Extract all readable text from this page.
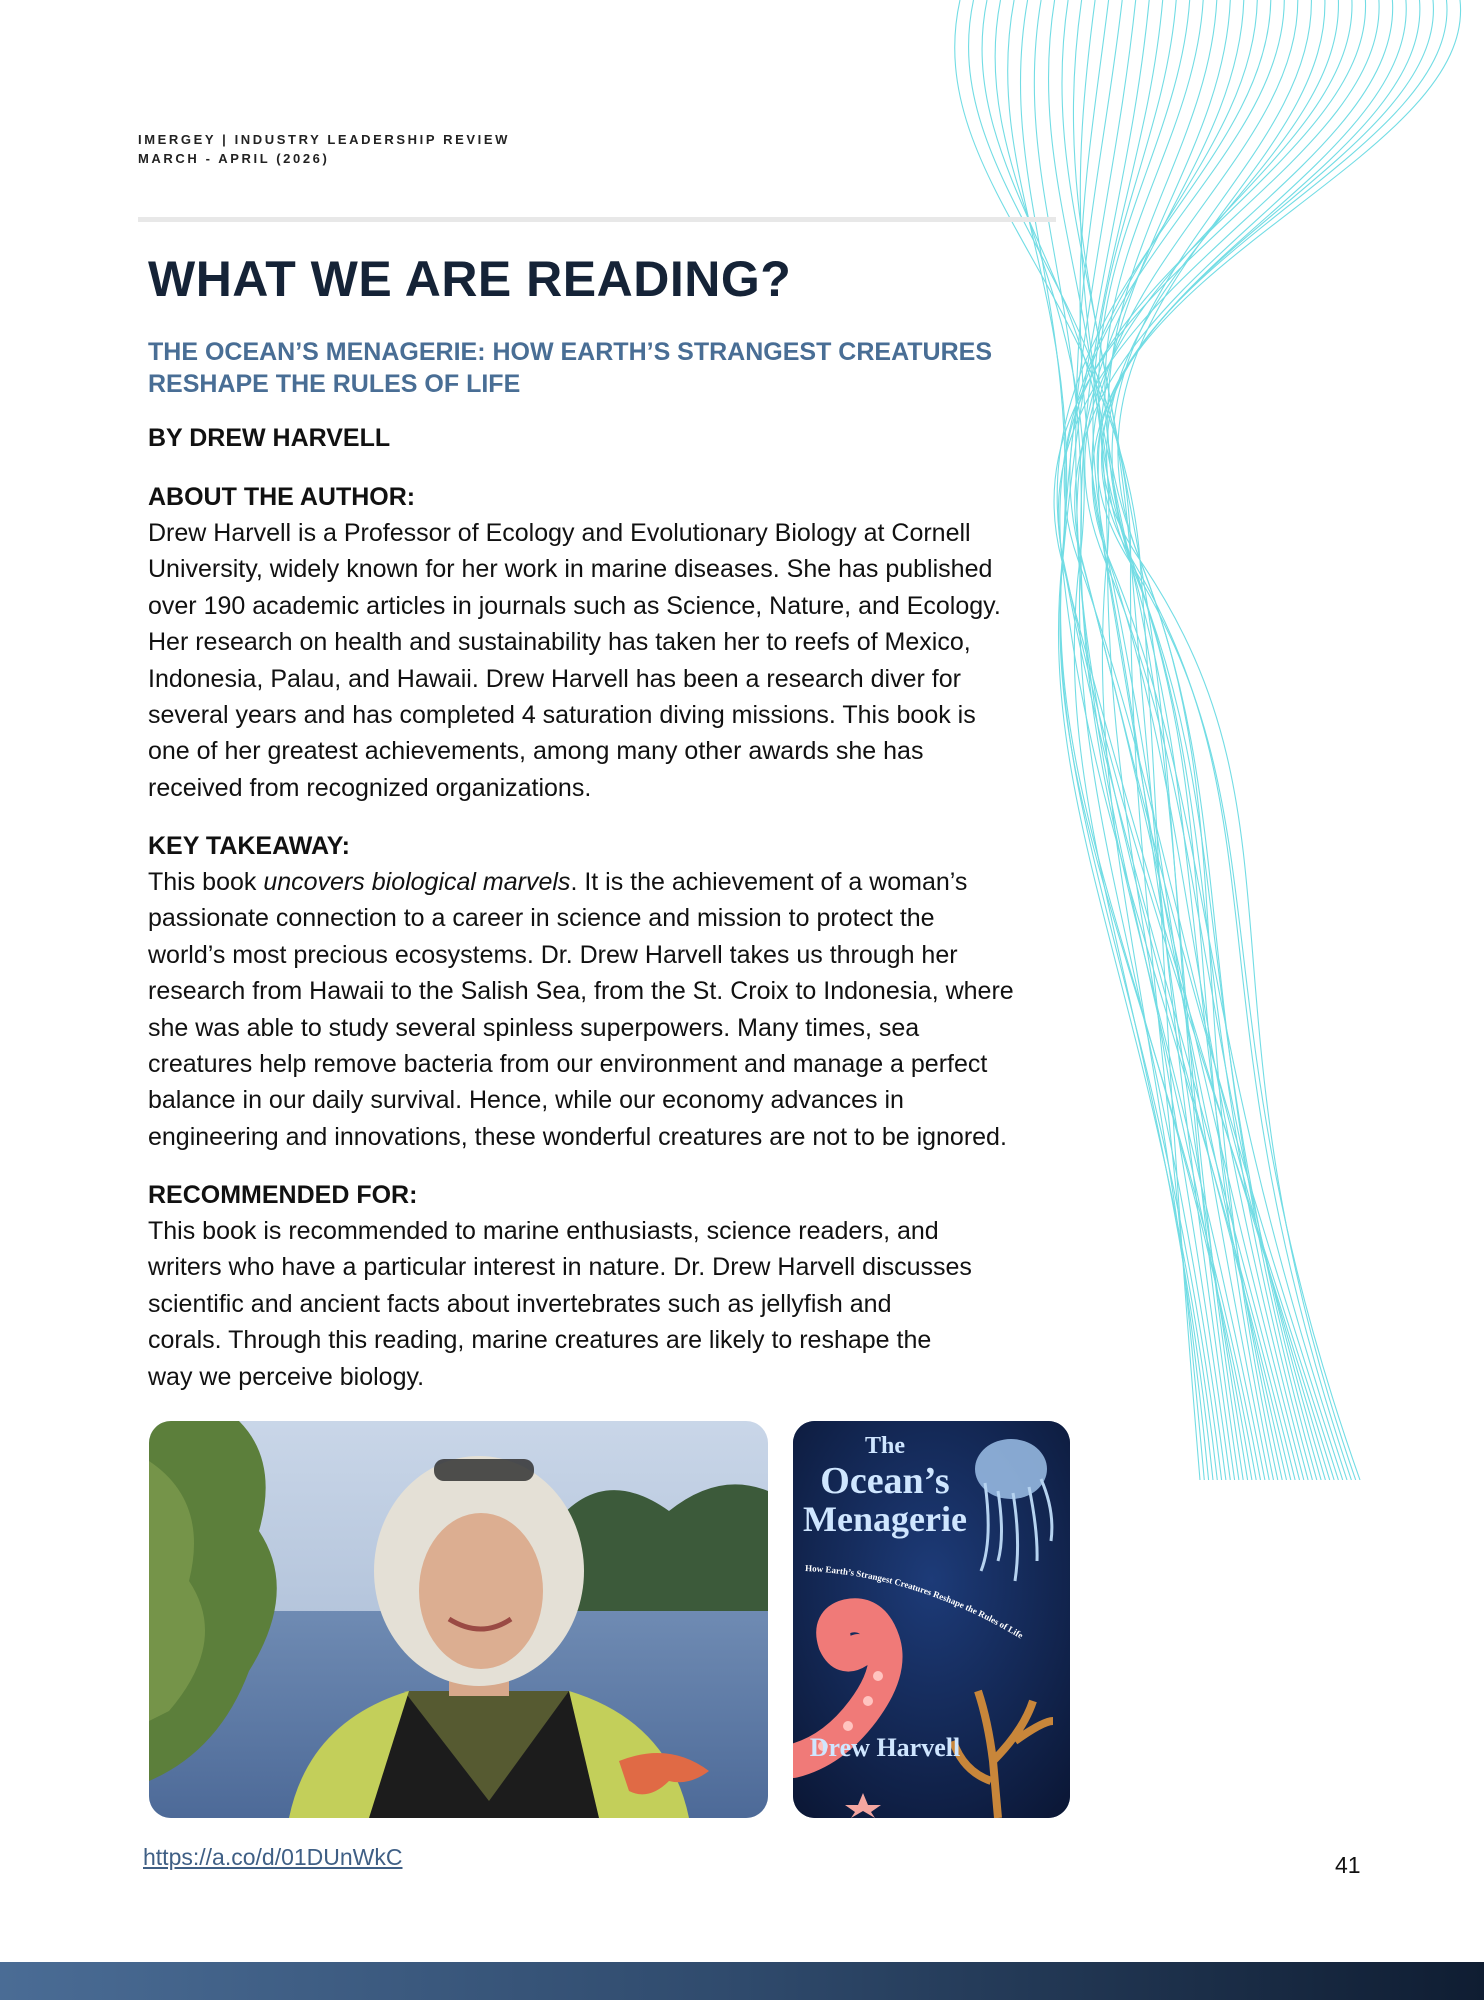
IMERGEY | INDUSTRY LEADERSHIP REVIEW
MARCH - APRIL (2026)
WHAT WE ARE READING?
THE OCEAN’S MENAGERIE: HOW EARTH’S STRANGEST CREATURES
RESHAPE THE RULES OF LIFE
BY DREW HARVELL
ABOUT THE AUTHOR:
Drew Harvell is a Professor of Ecology and Evolutionary Biology at Cornell
University, widely known for her work in marine diseases. She has published
over 190 academic articles in journals such as Science, Nature, and Ecology.
Her research on health and sustainability has taken her to reefs of Mexico,
Indonesia, Palau, and Hawaii. Drew Harvell has been a research diver for
several years and has completed 4 saturation diving missions. This book is
one of her greatest achievements, among many other awards she has
received from recognized organizations.
KEY TAKEAWAY:
This book uncovers biological marvels. It is the achievement of a woman’s
passionate connection to a career in science and mission to protect the
world’s most precious ecosystems. Dr. Drew Harvell takes us through her
research from Hawaii to the Salish Sea, from the St. Croix to Indonesia, where
she was able to study several spinless superpowers. Many times, sea
creatures help remove bacteria from our environment and manage a perfect
balance in our daily survival. Hence, while our economy advances in
engineering and innovations, these wonderful creatures are not to be ignored.
RECOMMENDED FOR:
This book is recommended to marine enthusiasts, science readers, and
writers who have a particular interest in nature. Dr. Drew Harvell discusses
scientific and ancient facts about invertebrates such as jellyfish and
corals. Through this reading, marine creatures are likely to reshape the
way we perceive biology.
The
Ocean’s
Menagerie
How Earth’s Strangest Creatures Reshape the Rules of Life
Drew Harvell
https://a.co/d/01DUnWkC	41
